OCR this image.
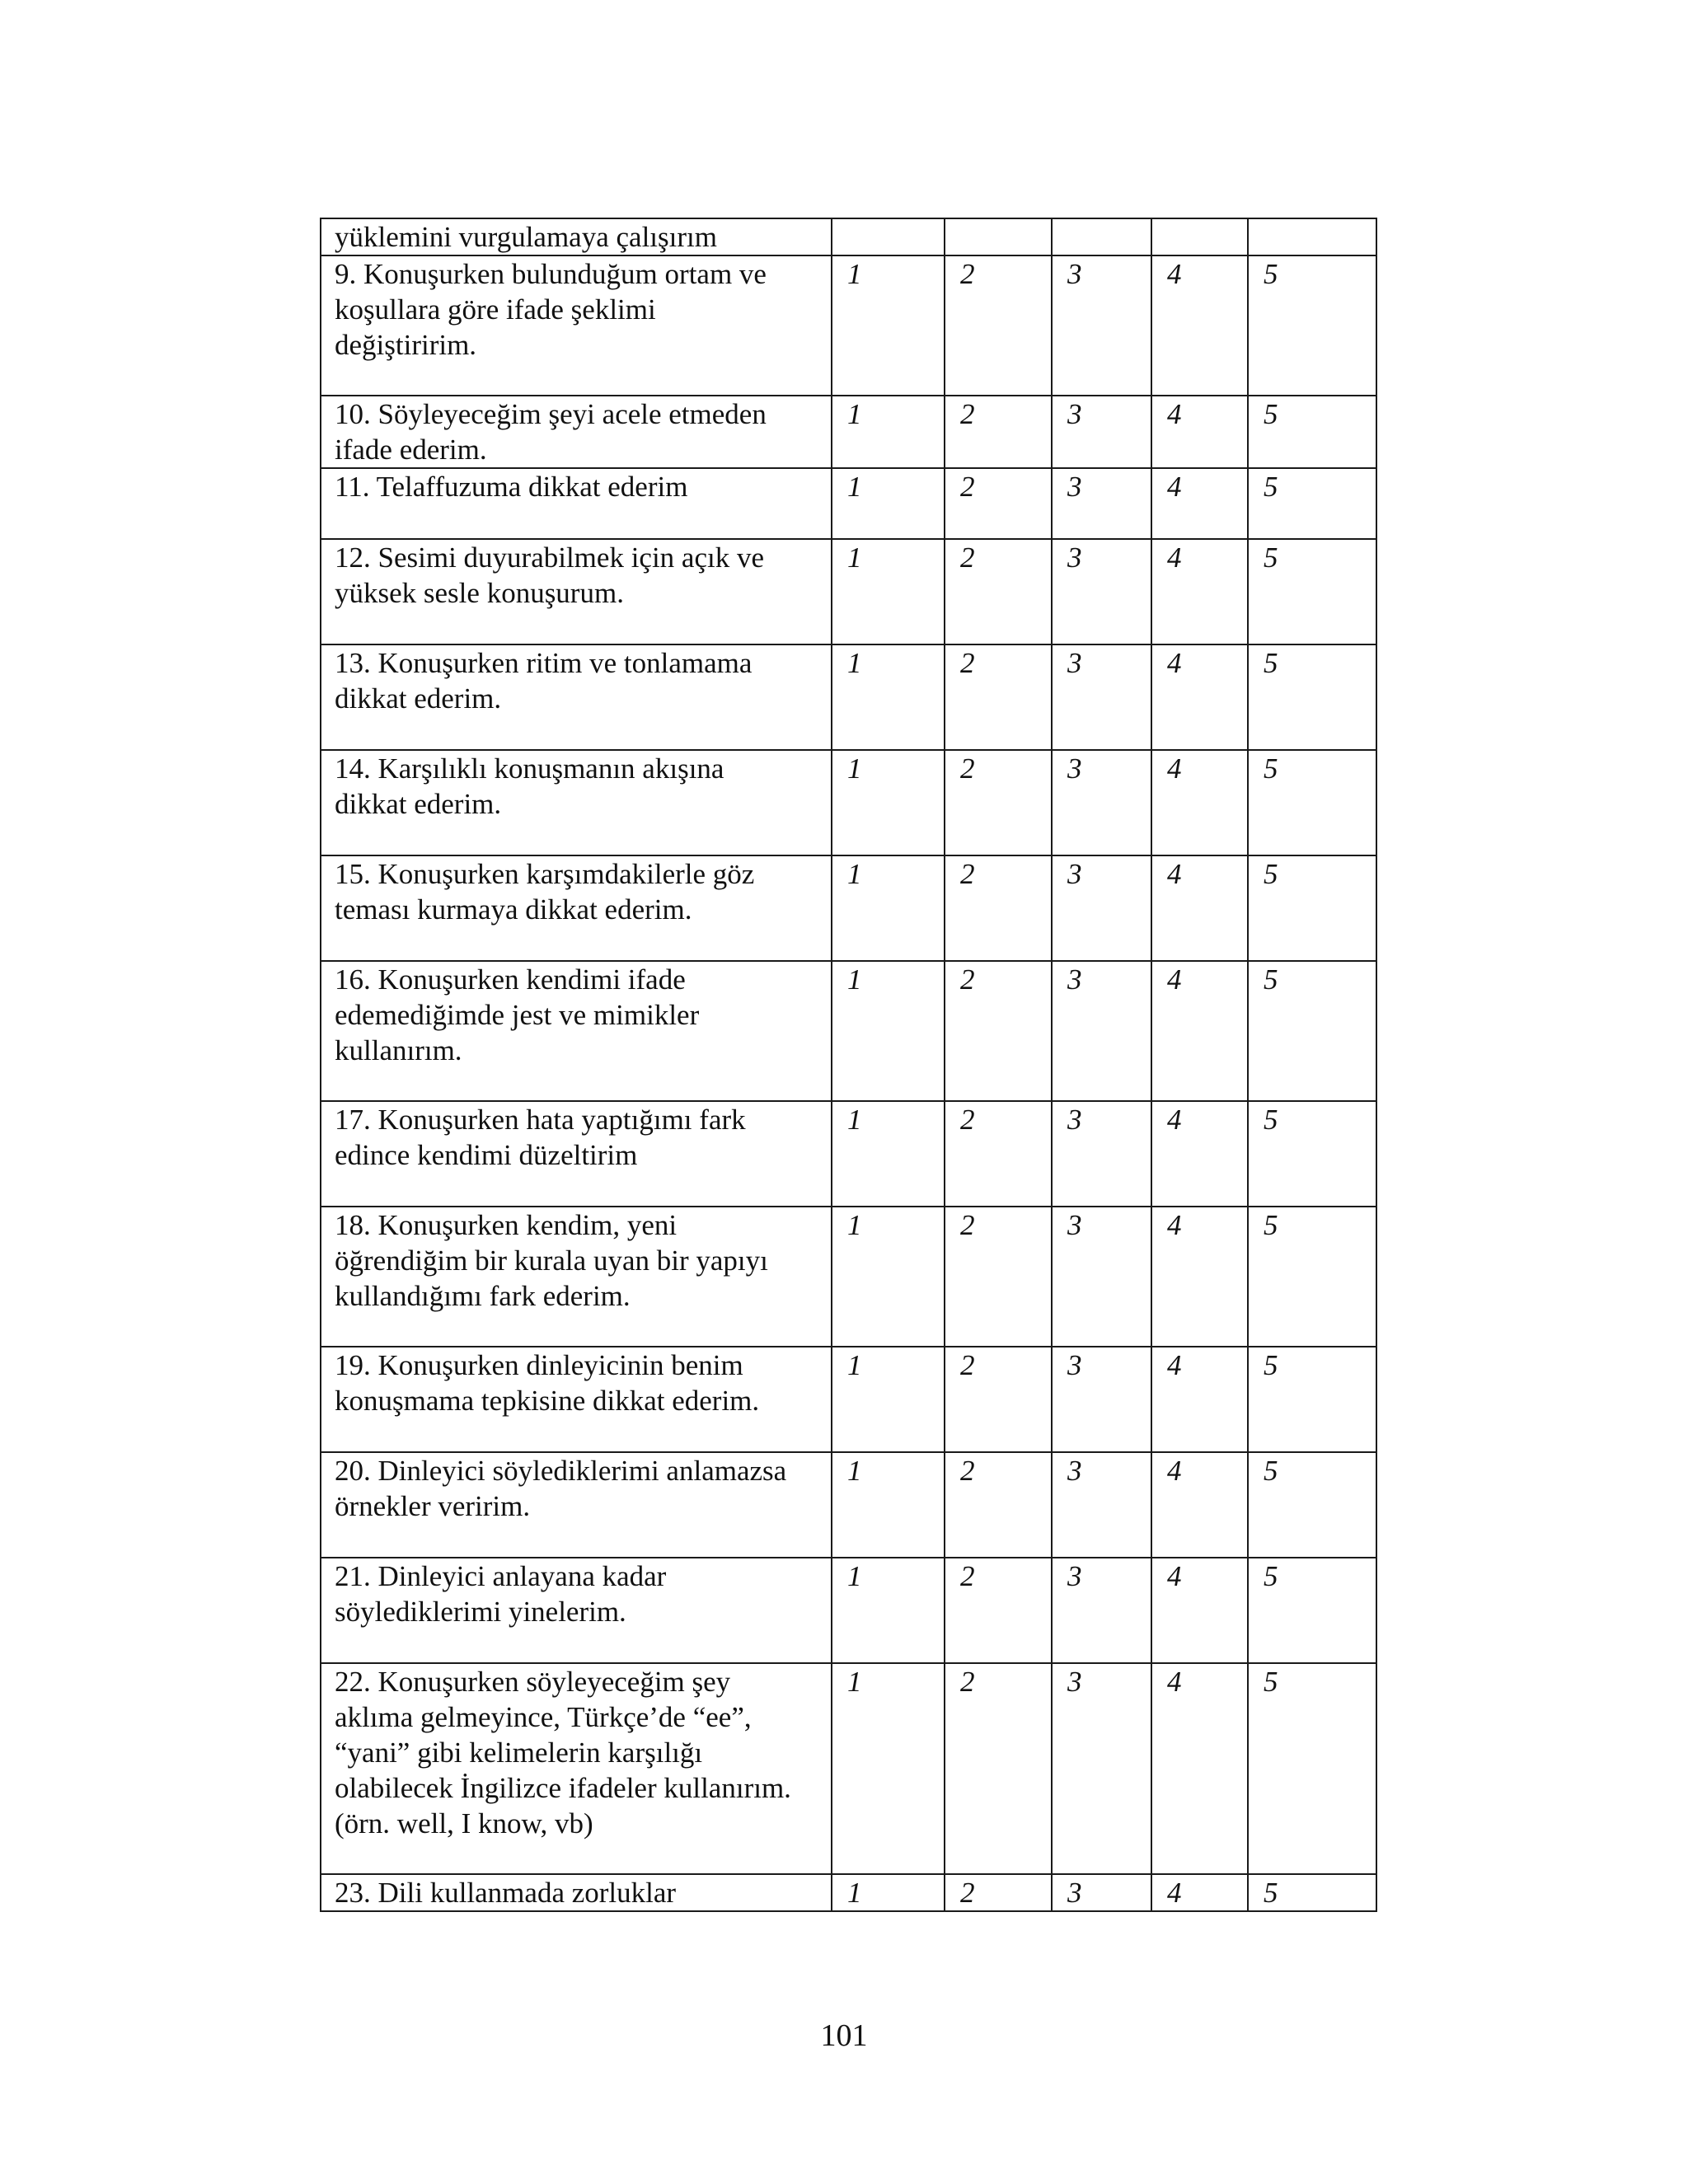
yüklemini vurgulamaya çalışırım					
9. Konuşurken bulunduğum ortam ve
koşullara göre ifade şeklimi
değiştiririm.	1	2	3	4	5
10. Söyleyeceğim şeyi acele etmeden
ifade ederim.	1	2	3	4	5
11. Telaffuzuma dikkat ederim	1	2	3	4	5
12. Sesimi duyurabilmek için açık ve
yüksek sesle konuşurum.	1	2	3	4	5
13. Konuşurken ritim ve tonlamama
dikkat ederim.	1	2	3	4	5
14. Karşılıklı konuşmanın akışına
dikkat ederim.	1	2	3	4	5
15. Konuşurken karşımdakilerle göz
teması kurmaya dikkat ederim.	1	2	3	4	5
16. Konuşurken kendimi ifade
edemediğimde jest ve mimikler
kullanırım.	1	2	3	4	5
17. Konuşurken hata yaptığımı fark
edince kendimi düzeltirim	1	2	3	4	5
18. Konuşurken kendim, yeni
öğrendiğim bir kurala uyan bir yapıyı
kullandığımı fark ederim.	1	2	3	4	5
19. Konuşurken dinleyicinin benim
konuşmama tepkisine dikkat ederim.	1	2	3	4	5
20. Dinleyici söylediklerimi anlamazsa
örnekler veririm.	1	2	3	4	5
21. Dinleyici anlayana kadar
söylediklerimi yinelerim.	1	2	3	4	5
22. Konuşurken söyleyeceğim şey
aklıma gelmeyince, Türkçe’de “ee”,
“yani” gibi kelimelerin karşılığı
olabilecek İngilizce ifadeler kullanırım.
(örn. well, I know, vb)	1	2	3	4	5
23. Dili kullanmada zorluklar	1	2	3	4	5
101
